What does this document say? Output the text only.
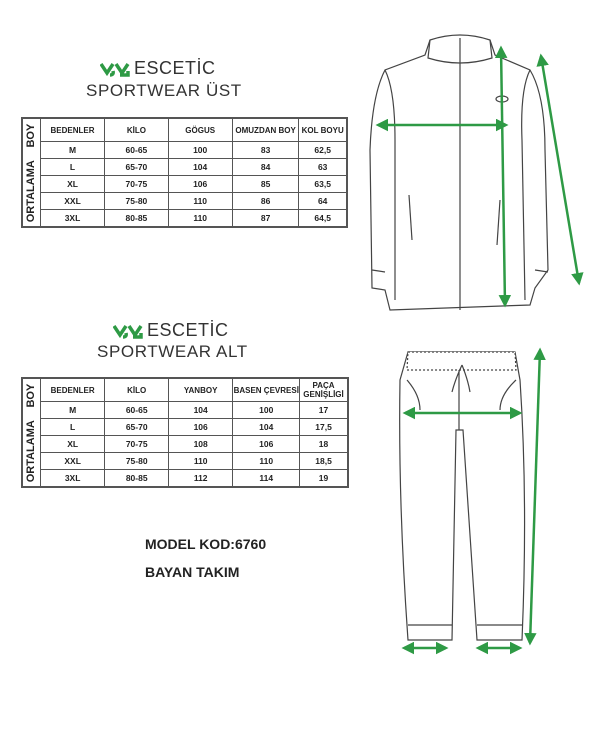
ESCETİC
SPORTWEAR ÜST
ORTALAMA BOY	BEDENLER	KİLO	GÖGUS	OMUZDAN BOY	KOL BOYU
	M	60-65	100	83	62,5
	L	65-70	104	84	63
	XL	70-75	106	85	63,5
	XXL	75-80	110	86	64
	3XL	80-85	110	87	64,5
ESCETİC
SPORTWEAR ALT
ORTALAMA BOY	BEDENLER	KİLO	YANBOY	BASEN ÇEVRESİ	PAÇA GENİŞLİGİ
	M	60-65	104	100	17
	L	65-70	106	104	17,5
	XL	70-75	108	106	18
	XXL	75-80	110	110	18,5
	3XL	80-85	112	114	19
MODEL KOD:6760
BAYAN TAKIM
